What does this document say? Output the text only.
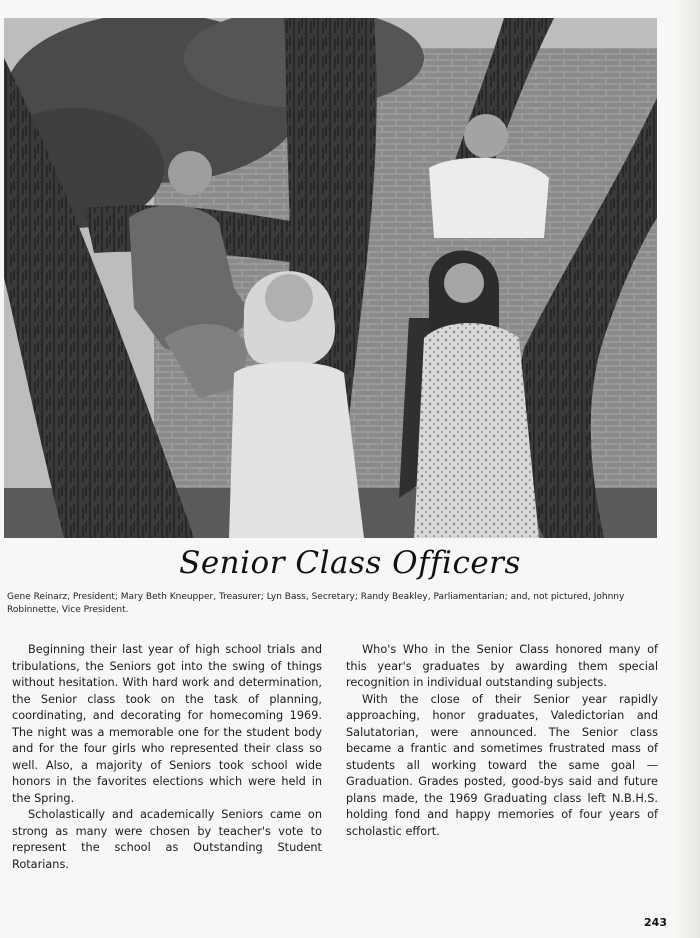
Senior Class Officers
Gene Reinarz, President; Mary Beth Kneupper, Treasurer; Lyn Bass, Secretary; Randy Beakley, Parliamentarian; and, not pictured, Johnny Robinnette, Vice President.

Beginning their last year of high school trials and tribulations, the Seniors got into the swing of things without hesitation. With hard work and determination, the Senior class took on the task of planning, coordinating, and decorating for homecoming 1969. The night was a memorable one for the student body and for the four girls who represented their class so well. Also, a majority of Seniors took school wide honors in the favorites elections which were held in the Spring.

Scholastically and academically Seniors came on strong as many were chosen by teacher's vote to represent the school as Outstanding Student Rotarians.

Who's Who in the Senior Class honored many of this year's graduates by awarding them special recognition in individual outstanding subjects.

With the close of their Senior year rapidly approaching, honor graduates, Valedictorian and Salutatorian, were announced. The Senior class became a frantic and sometimes frustrated mass of students all working toward the same goal — Graduation. Grades posted, good-bys said and future plans made, the 1969 Graduating class left N.B.H.S. holding fond and happy memories of four years of scholastic effort.

243
